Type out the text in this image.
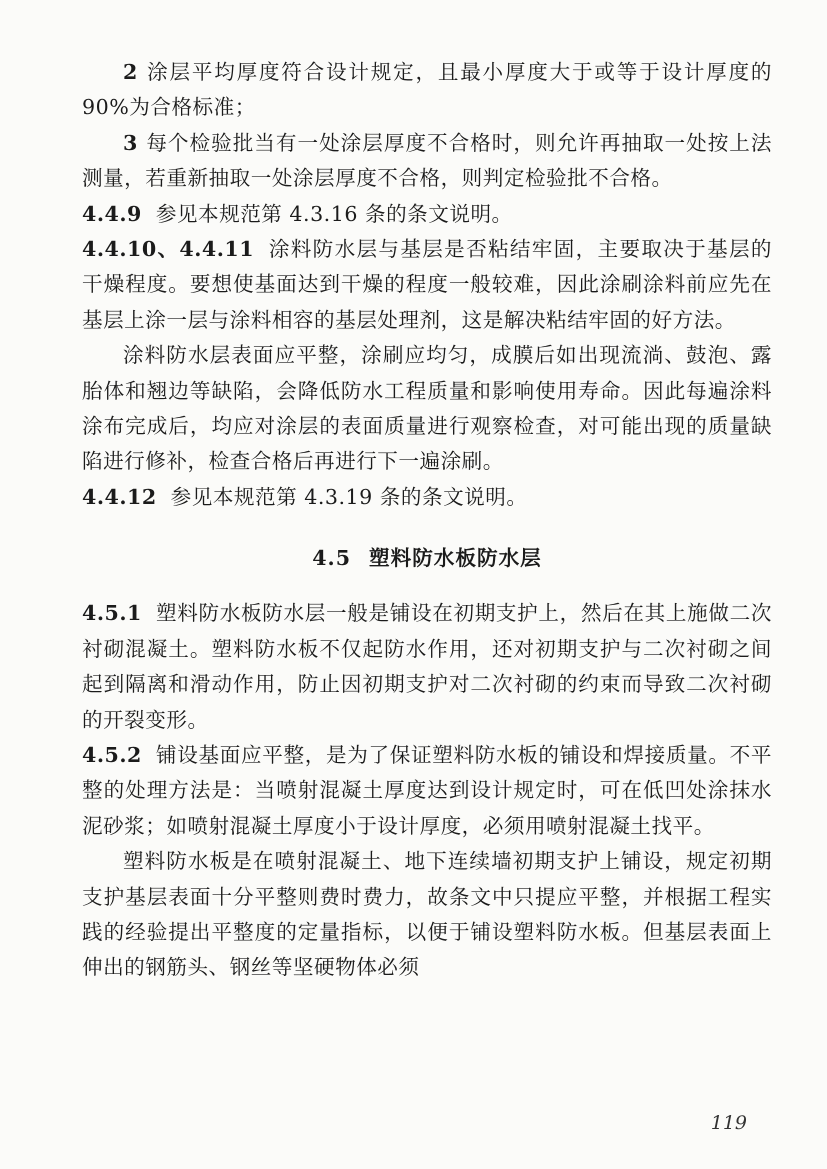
2 涂层平均厚度符合设计规定，且最小厚度大于或等于设计厚度的 90%为合格标准；

3 每个检验批当有一处涂层厚度不合格时，则允许再抽取一处按上法测量，若重新抽取一处涂层厚度不合格，则判定检验批不合格。

4.4.9 参见本规范第 4.3.16 条的条文说明。

4.4.10、4.4.11 涂料防水层与基层是否粘结牢固，主要取决于基层的干燥程度。要想使基面达到干燥的程度一般较难，因此涂刷涂料前应先在基层上涂一层与涂料相容的基层处理剂，这是解决粘结牢固的好方法。

涂料防水层表面应平整，涂刷应均匀，成膜后如出现流淌、鼓泡、露胎体和翘边等缺陷，会降低防水工程质量和影响使用寿命。因此每遍涂料涂布完成后，均应对涂层的表面质量进行观察检查，对可能出现的质量缺陷进行修补，检查合格后再进行下一遍涂刷。

4.4.12 参见本规范第 4.3.19 条的条文说明。

4.5 塑料防水板防水层

4.5.1 塑料防水板防水层一般是铺设在初期支护上，然后在其上施做二次衬砌混凝土。塑料防水板不仅起防水作用，还对初期支护与二次衬砌之间起到隔离和滑动作用，防止因初期支护对二次衬砌的约束而导致二次衬砌的开裂变形。

4.5.2 铺设基面应平整，是为了保证塑料防水板的铺设和焊接质量。不平整的处理方法是：当喷射混凝土厚度达到设计规定时，可在低凹处涂抹水泥砂浆；如喷射混凝土厚度小于设计厚度，必须用喷射混凝土找平。

塑料防水板是在喷射混凝土、地下连续墙初期支护上铺设，规定初期支护基层表面十分平整则费时费力，故条文中只提应平整，并根据工程实践的经验提出平整度的定量指标，以便于铺设塑料防水板。但基层表面上伸出的钢筋头、钢丝等坚硬物体必须

119
